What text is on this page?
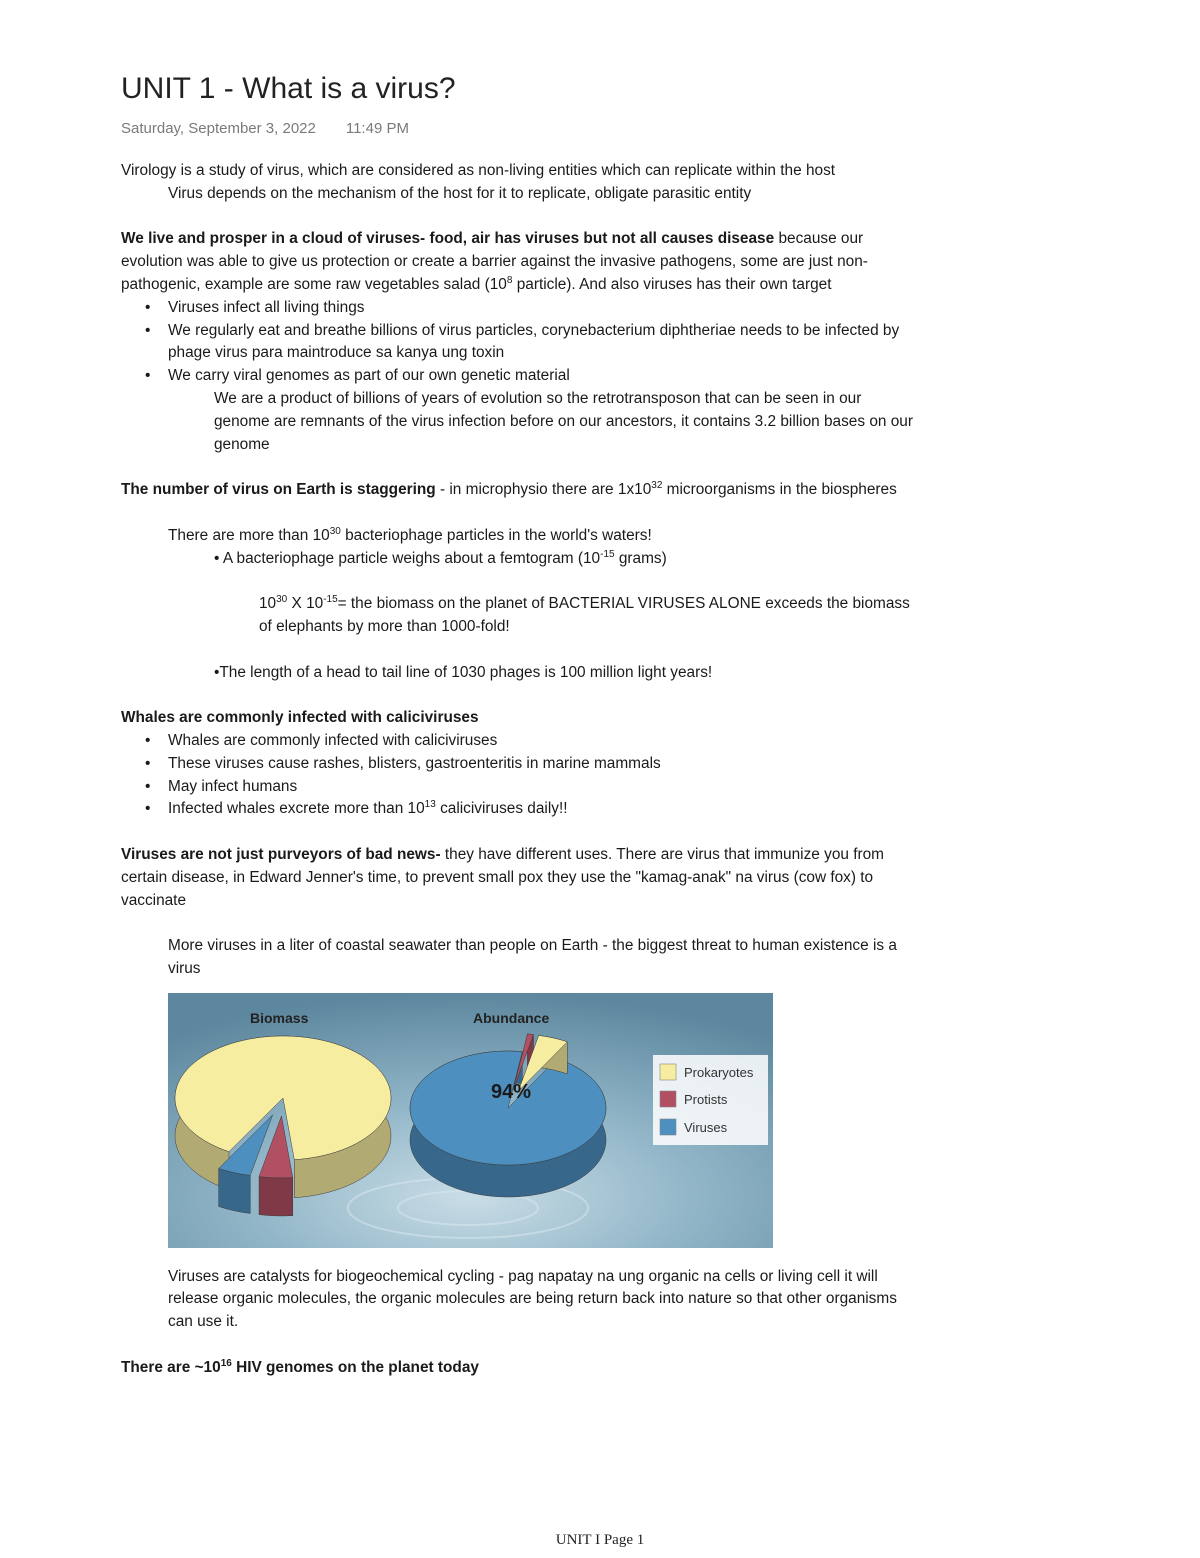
UNIT 1 - What is a virus?
Saturday, September 3, 2022 11:49 PM

Virology is a study of virus, which are considered as non-living entities which can replicate within the host

Virus depends on the mechanism of the host for it to replicate, obligate parasitic entity

We live and prosper in a cloud of viruses- food, air has viruses but not all causes disease because our evolution was able to give us protection or create a barrier against the invasive pathogens, some are just non-pathogenic, example are some raw vegetables salad ($10^8$ particle). And also viruses has their own target

• Viruses infect all living things
• We regularly eat and breathe billions of virus particles, corynebacterium diphtheriae needs to be infected by phage virus para maintroduce sa kanya ung toxin
• We carry viral genomes as part of our own genetic material

We are a product of billions of years of evolution so the retrotransposon that can be seen in our genome are remnants of the virus infection before on our ancestors, it contains 3.2 billion bases on our genome

The number of virus on Earth is staggering - in microphysio there are $1x10^{32}$ microorganisms in the biospheres

There are more than $10^{30}$ bacteriophage particles in the world's waters!

• A bacteriophage particle weighs about a femtogram ($10^{-15}$ grams)

$10^{30}$ X $10^{-15}=$ the biomass on the planet of BACTERIAL VIRUSES ALONE exceeds the biomass of elephants by more than 1000-fold!

•The length of a head to tail line of 1030 phages is 100 million light years!

Whales are commonly infected with caliciviruses

• Whales are commonly infected with caliciviruses
• These viruses cause rashes, blisters, gastroenteritis in marine mammals
• May infect humans
• Infected whales excrete more than $10^{13}$ caliciviruses daily!!

Viruses are not just purveyors of bad news- they have different uses. There are virus that immunize you from certain disease, in Edward Jenner's time, to prevent small pox they use the "kamag-anak" na virus (cow fox) to vaccinate

More viruses in a liter of coastal seawater than people on Earth - the biggest threat to human existence is a virus

Biomass	Abundance
94%
Prokaryotes
Protists
Viruses

Viruses are catalysts for biogeochemical cycling - pag napatay na ung organic na cells or living cell it will release organic molecules, the organic molecules are being return back into nature so that other organisms can use it.

There are $\sim 10^{16}$ HIV genomes on the planet today

UNIT I Page 1
